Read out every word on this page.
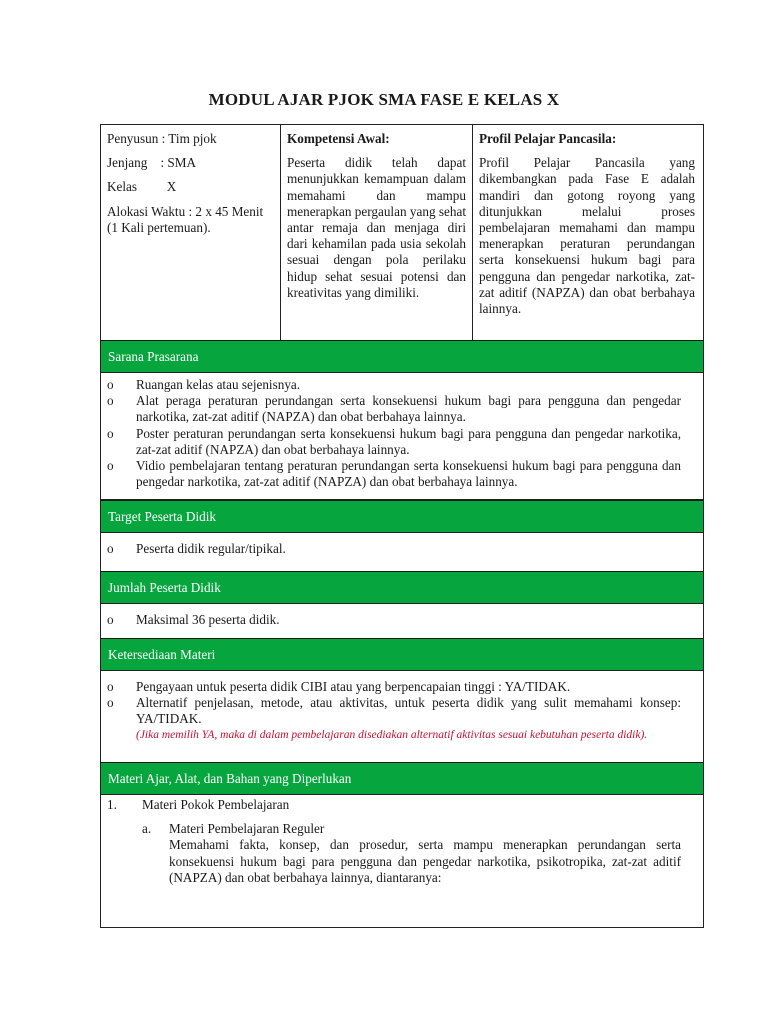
MODUL AJAR PJOK SMA FASE E KELAS X
Penyusun : Tim pjok
Jenjang    : SMA
Kelas         X
Alokasi Waktu : 2 x 45 Menit (1 Kali pertemuan).
Kompetensi Awal:
Peserta didik telah dapat menunjukkan kemampuan dalam memahami dan mampu menerapkan pergaulan yang sehat antar remaja dan menjaga diri dari kehamilan pada usia sekolah sesuai dengan pola perilaku hidup sehat sesuai potensi dan kreativitas yang dimiliki.
Profil Pelajar Pancasila:
Profil Pelajar Pancasila yang dikembangkan pada Fase E adalah mandiri dan gotong royong yang ditunjukkan melalui proses pembelajaran memahami dan mampu menerapkan peraturan perundangan serta konsekuensi hukum bagi para pengguna dan pengedar narkotika, zat-zat aditif (NAPZA) dan obat berbahaya lainnya.
Sarana Prasarana
o	Ruangan kelas atau sejenisnya.
o	Alat peraga peraturan perundangan serta konsekuensi hukum bagi para pengguna dan pengedar narkotika, zat-zat aditif (NAPZA) dan obat berbahaya lainnya.
o	Poster peraturan perundangan serta konsekuensi hukum bagi para pengguna dan pengedar narkotika, zat-zat aditif (NAPZA) dan obat berbahaya lainnya.
o	Vidio pembelajaran tentang peraturan perundangan serta konsekuensi hukum bagi para pengguna dan pengedar narkotika, zat-zat aditif (NAPZA) dan obat berbahaya lainnya.
Target Peserta Didik
o	Peserta didik regular/tipikal.
Jumlah Peserta Didik
o	Maksimal 36 peserta didik.
Ketersediaan Materi
o	Pengayaan untuk peserta didik CIBI atau yang berpencapaian tinggi : YA/TIDAK.
o	Alternatif penjelasan, metode, atau aktivitas, untuk peserta didik yang sulit memahami konsep: YA/TIDAK.
(Jika memilih YA, maka di dalam pembelajaran disediakan alternatif aktivitas sesuai kebutuhan peserta didik).
Materi Ajar, Alat, dan Bahan yang Diperlukan
1.	Materi Pokok Pembelajaran
a.	Materi Pembelajaran Reguler
Memahami fakta, konsep, dan prosedur, serta mampu menerapkan perundangan serta konsekuensi hukum bagi para pengguna dan pengedar narkotika, psikotropika, zat-zat aditif (NAPZA) dan obat berbahaya lainnya, diantaranya:
